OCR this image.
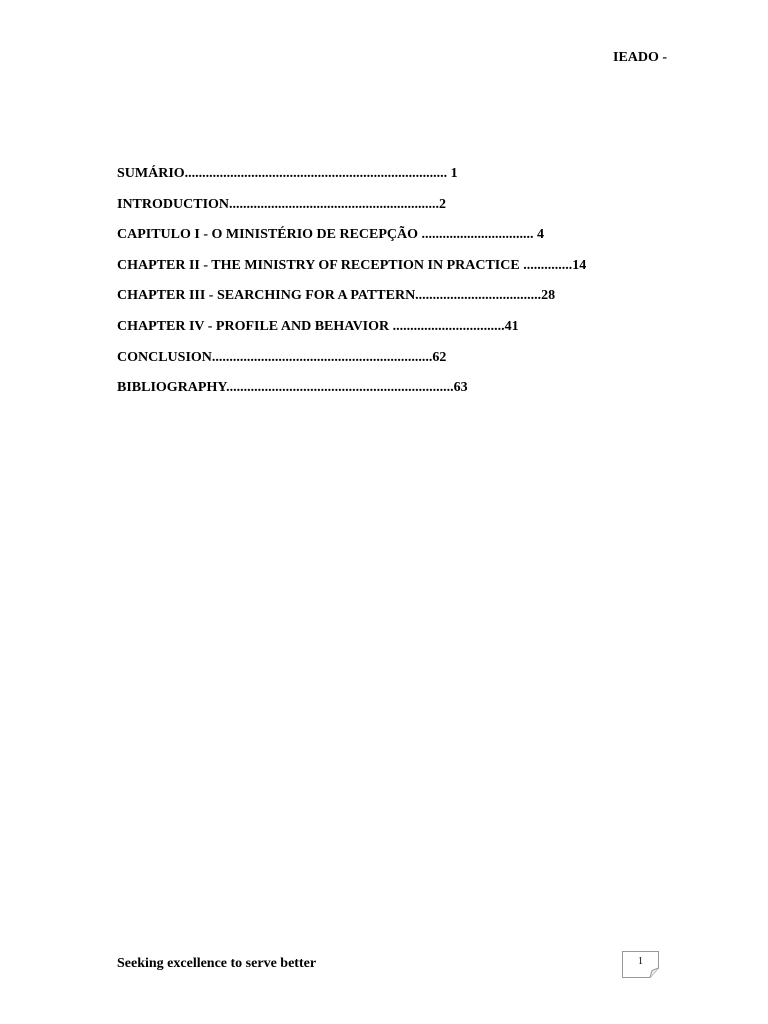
IEADO -
SUMÁRIO........................................................................... 1
INTRODUCTION............................................................2
CAPITULO I - O MINISTÉRIO DE RECEPÇÃO ................................ 4
CHAPTER II - THE MINISTRY OF RECEPTION IN PRACTICE ..............14
CHAPTER III - SEARCHING FOR A PATTERN....................................28
CHAPTER IV - PROFILE AND BEHAVIOR ................................41
CONCLUSION...............................................................62
BIBLIOGRAPHY.................................................................63
Seeking excellence to serve better	1
